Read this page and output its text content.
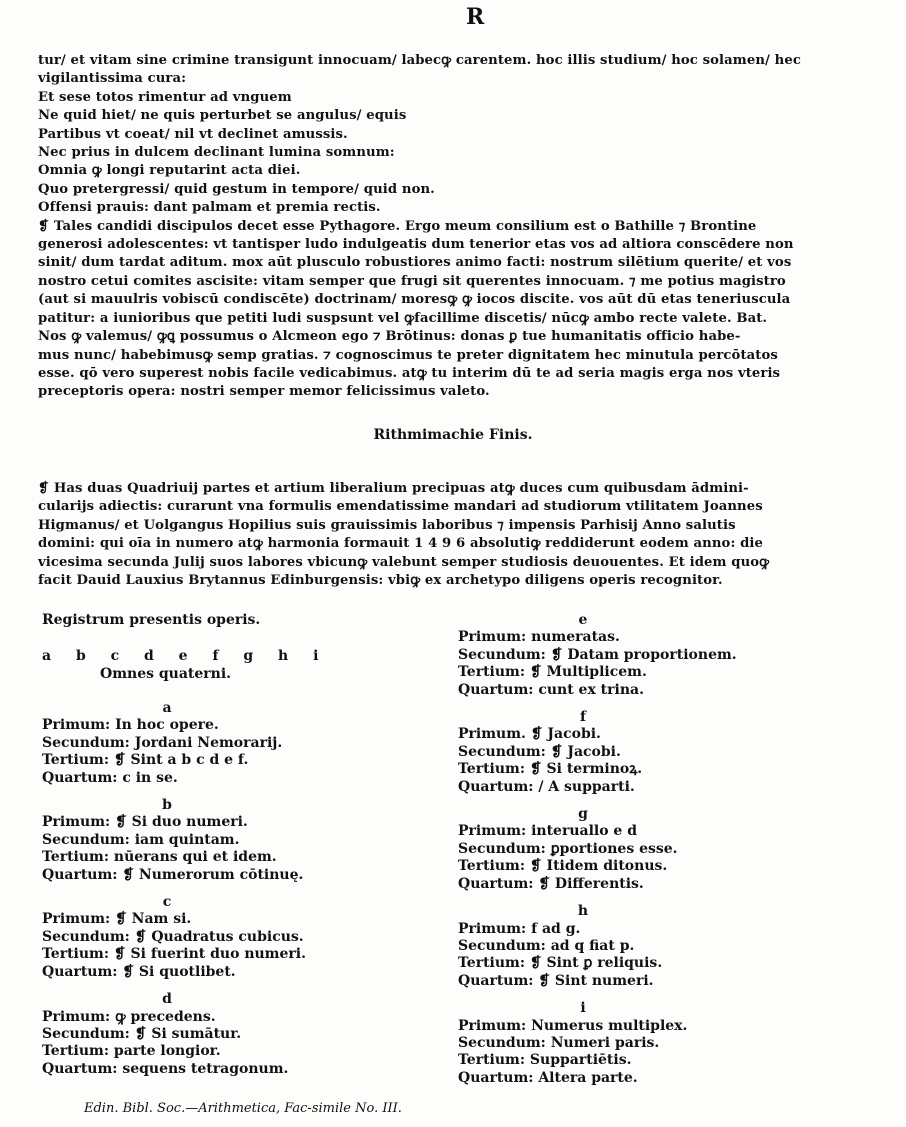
R
tur/ et vitam sine crimine transigunt innocuam/ labecꝙ carentem. hoc illis studium/ hoc solamen/ hec
vigilantissima cura:
Et sese totos rimentur ad vnguem
Ne quid hiet/ ne quis perturbet se angulus/ equis
Partibus vt coeat/ nil vt declinet amussis.
Nec prius in dulcem declinant lumina somnum:
Omnia ꝙ longi reputarint acta diei.
Quo pretergressi/ quid gestum in tempore/ quid non.
Offensi prauis: dant palmam et premia rectis.
❡ Tales candidi discipulos decet esse Pythagore. Ergo meum consilium est o Bathille ⁊ Brontine
generosi adolescentes: vt tantisper ludo indulgeatis dum tenerior etas vos ad altiora conscēdere non
sinit/ dum tardat aditum. mox aūt plusculo robustiores animo facti: nostrum silētium querite/ et vos
nostro cetui comites ascisite: vitam semper que frugi sit querentes innocuam. ⁊ me potius magistro
(aut si mauulris vobiscū condiscēte) doctrinam/ moresꝙ ꝙ iocos discite. vos aūt dū etas teneriuscula
patitur: a iunioribus que petiti ludi suspsunt vel ꝙfacillime discetis/ nūcꝙ ambo recte valete. Bat.
Nos ꝙ valemus/ ꝙꝗ possumus o Alcmeon ego ⁊ Brōtinus: donas ꝑ tue humanitatis officio habe-
mus nunc/ habebimusꝙ semp gratias. ⁊ cognoscimus te preter dignitatem hec minutula percōtatos
esse. qō vero superest nobis facile vedicabimus. atꝙ tu interim dū te ad seria magis erga nos vteris
preceptoris opera: nostri semper memor felicissimus valeto.
Rithmimachie Finis.
❡ Has duas Quadriuij partes et artium liberalium precipuas atꝙ duces cum quibusdam ādmini-
cularijs adiectis: curarunt vna formulis emendatissime mandari ad studiorum vtilitatem Joannes
Higmanus/ et Uolgangus Hopilius suis grauissimis laboribus ⁊ impensis Parhisij Anno salutis
domini: qui oīa in numero atꝙ harmonia formauit 1 4 9 6 absolutiꝙ reddiderunt eodem anno: die
vicesima secunda Julij suos labores vbicunꝙ valebunt semper studiosis deuouentes. Et idem quoꝙ
facit Dauid Lauxius Brytannus Edinburgensis: vbiꝙ ex archetypo diligens operis recognitor.
Registrum presentis operis.
a b c d e f g h i
Omnes quaterni.
a
Primum: In hoc opere.
Secundum: Jordani Nemorarij.
Tertium: ❡ Sint a b c d e f.
Quartum: c in se.
b
Primum: ❡ Si duo numeri.
Secundum: iam quintam.
Tertium: nūerans qui et idem.
Quartum: ❡ Numerorum cōtinuę.
c
Primum: ❡ Nam si.
Secundum: ❡ Quadratus cubicus.
Tertium: ❡ Si fuerint duo numeri.
Quartum: ❡ Si quotlibet.
d
Primum: ꝙ precedens.
Secundum: ❡ Si sumātur.
Tertium: parte longior.
Quartum: sequens tetragonum.
e
Primum: numeratas.
Secundum: ❡ Datam proportionem.
Tertium: ❡ Multiplicem.
Quartum: cunt ex trina.
f
Primum. ❡ Jacobi.
Secundum: ❡ Jacobi.
Tertium: ❡ Si terminoꝝ.
Quartum: / A supparti.
g
Primum: interuallo e d
Secundum: ꝑportiones esse.
Tertium: ❡ Itidem ditonus.
Quartum: ❡ Differentis.
h
Primum: f ad g.
Secundum: ad q fiat p.
Tertium: ❡ Sint ꝑ reliquis.
Quartum: ❡ Sint numeri.
i
Primum: Numerus multiplex.
Secundum: Numeri paris.
Tertium: Suppartiētis.
Quartum: Altera parte.
Edin. Bibl. Soc.—Arithmetica, Fac-simile No. III.
